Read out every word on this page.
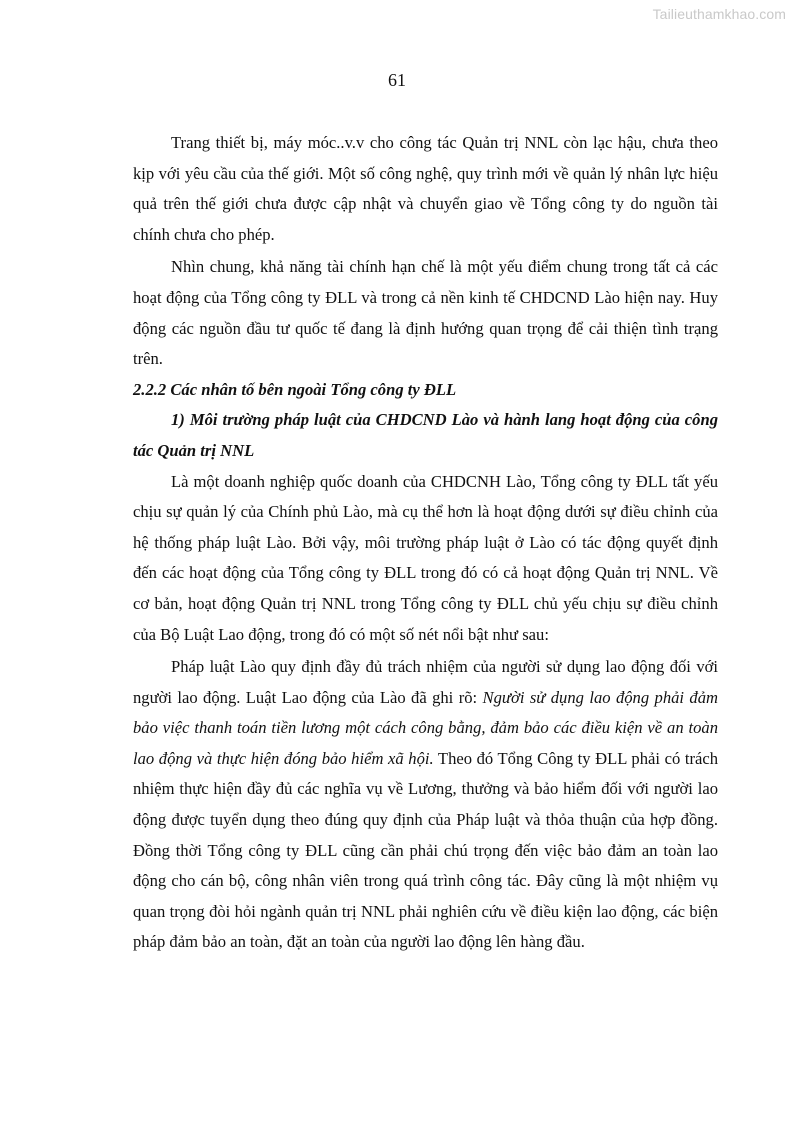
Tailieuthamkhao.com
61

Trang thiết bị, máy móc..v.v cho công tác Quản trị NNL còn lạc hậu, chưa theo kịp với yêu cầu của thế giới. Một số công nghệ, quy trình mới về quản lý nhân lực hiệu quả trên thế giới chưa được cập nhật và chuyển giao về Tổng công ty do nguồn tài chính chưa cho phép.

Nhìn chung, khả năng tài chính hạn chế là một yếu điểm chung trong tất cả các hoạt động của Tổng công ty ĐLL và trong cả nền kinh tế CHDCND Lào hiện nay. Huy động các nguồn đầu tư quốc tế đang là định hướng quan trọng để cải thiện tình trạng trên.

2.2.2 Các nhân tố bên ngoài Tổng công ty ĐLL

1) Môi trường pháp luật của CHDCND Lào và hành lang hoạt động của công tác Quản trị NNL

Là một doanh nghiệp quốc doanh của CHDCNH Lào, Tổng công ty ĐLL tất yếu chịu sự quản lý của Chính phủ Lào, mà cụ thể hơn là hoạt động dưới sự điều chỉnh của hệ thống pháp luật Lào. Bởi vậy, môi trường pháp luật ở Lào có tác động quyết định đến các hoạt động của Tổng công ty ĐLL trong đó có cả hoạt động Quản trị NNL. Về cơ bản, hoạt động Quản trị NNL trong Tổng công ty ĐLL chủ yếu chịu sự điều chỉnh của Bộ Luật Lao động, trong đó có một số nét nổi bật như sau:

Pháp luật Lào quy định đầy đủ trách nhiệm của người sử dụng lao động đối với người lao động. Luật Lao động của Lào đã ghi rõ: Người sử dụng lao động phải đảm bảo việc thanh toán tiền lương một cách công bằng, đảm bảo các điều kiện về an toàn lao động và thực hiện đóng bảo hiểm xã hội. Theo đó Tổng Công ty ĐLL phải có trách nhiệm thực hiện đầy đủ các nghĩa vụ về Lương, thưởng và bảo hiểm đối với người lao động được tuyển dụng theo đúng quy định của Pháp luật và thỏa thuận của hợp đồng. Đồng thời Tổng công ty ĐLL cũng cần phải chú trọng đến việc bảo đảm an toàn lao động cho cán bộ, công nhân viên trong quá trình công tác. Đây cũng là một nhiệm vụ quan trọng đòi hỏi ngành quản trị NNL phải nghiên cứu về điều kiện lao động, các biện pháp đảm bảo an toàn, đặt an toàn của người lao động lên hàng đầu.
